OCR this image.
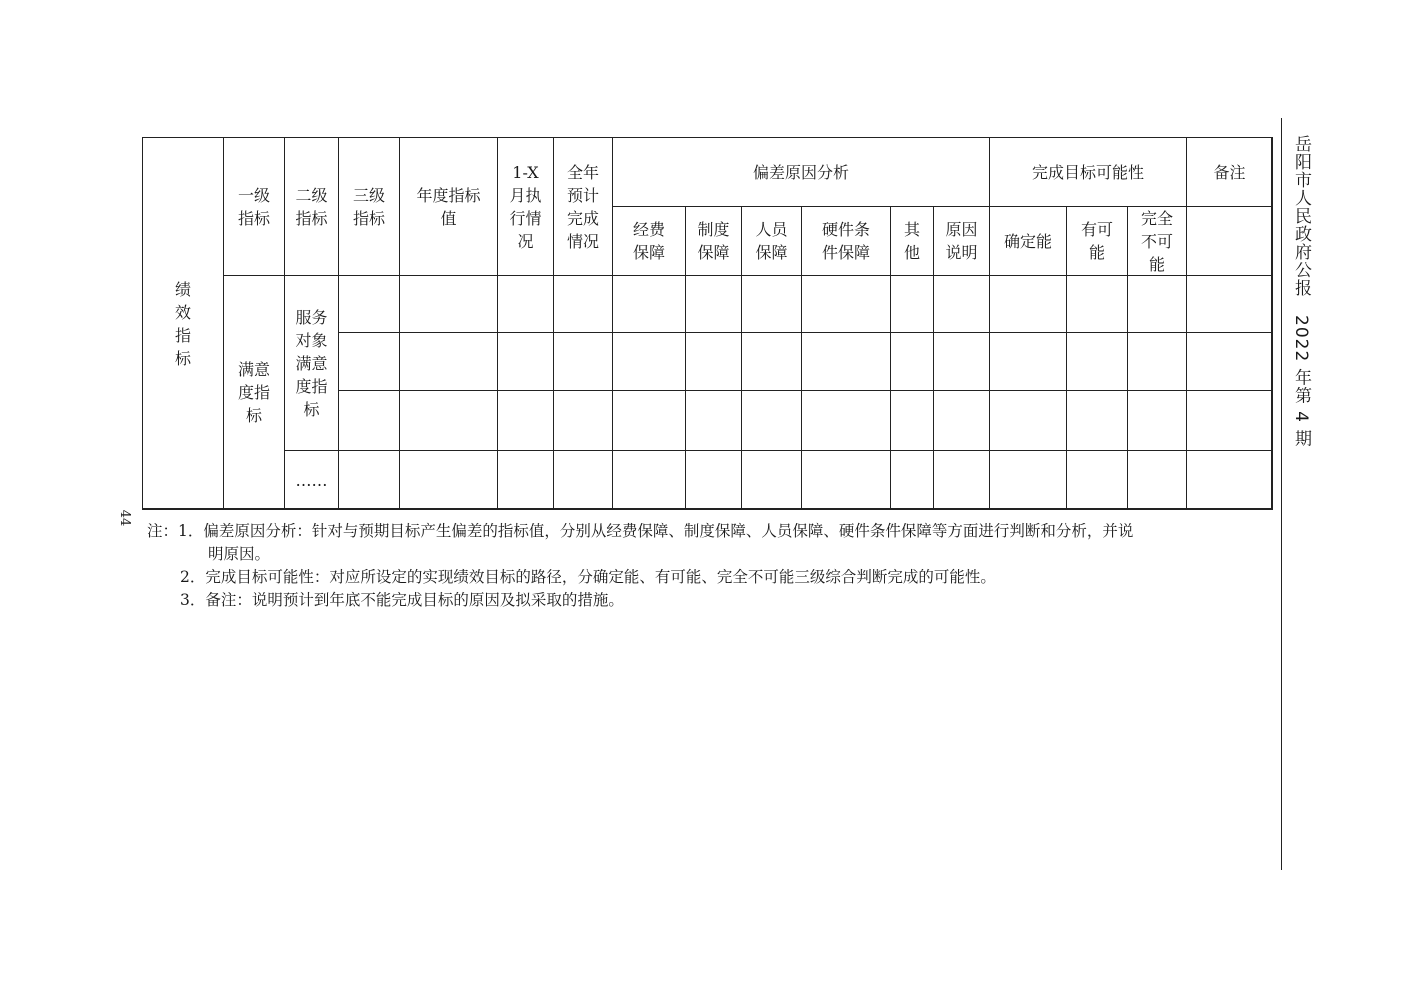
岳阳市人民政府公报　2022 年第 4 期
44
绩
效
指
标
一级
指标
二级
指标
三级
指标
年度指标
值
1-X
月执
行情
况
全年
预计
完成
情况
偏差原因分析	完成目标可能性	备注
经费
保障
制度
保障
人员
保障
硬件条
件保障
其
他
原因
说明
确定能
有可
能
完全
不可
能
满意
度指
标
服务
对象
满意
度指
标
……
注：1．偏差原因分析：针对与预期目标产生偏差的指标值，分别从经费保障、制度保障、人员保障、硬件条件保障等方面进行判断和分析，并说
明原因。
2．完成目标可能性：对应所设定的实现绩效目标的路径，分确定能、有可能、完全不可能三级综合判断完成的可能性。
3．备注：说明预计到年底不能完成目标的原因及拟采取的措施。
